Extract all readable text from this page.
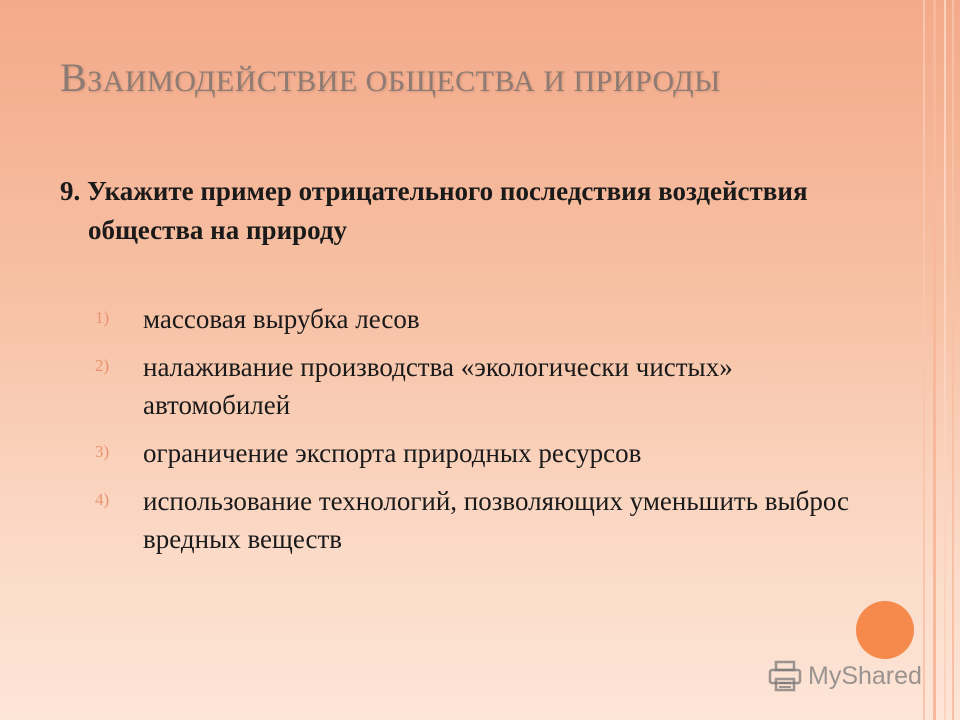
ВЗАИМОДЕЙСТВИЕ ОБЩЕСТВА И ПРИРОДЫ
9. Укажите пример отрицательного последствия воздействия общества на природу
1)	массовая вырубка лесов
2)	налаживание производства «экологически чистых» автомобилей
3)	ограничение экспорта природных ресурсов
4)	использование технологий, позволяющих уменьшить выброс вредных веществ
MyShared
